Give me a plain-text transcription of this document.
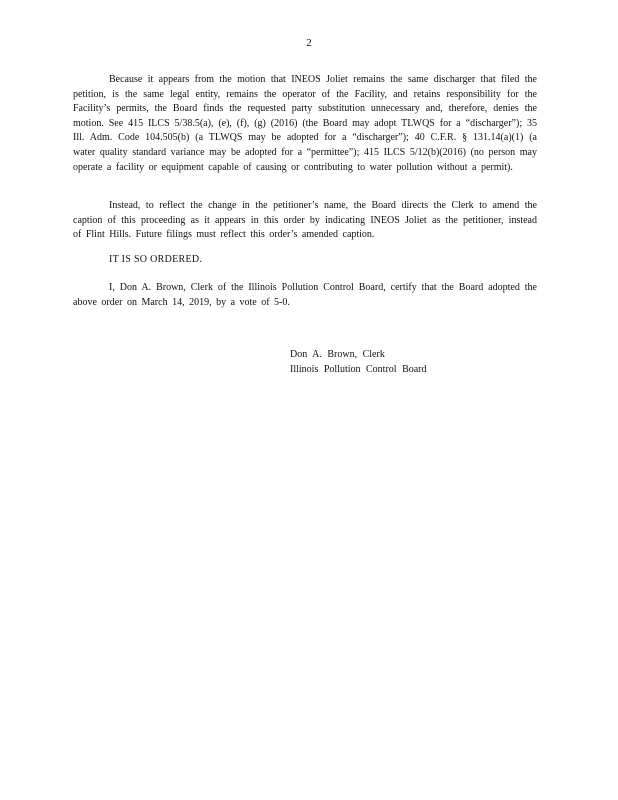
2
Because it appears from the motion that INEOS Joliet remains the same discharger that filed the petition, is the same legal entity, remains the operator of the Facility, and retains responsibility for the Facility’s permits, the Board finds the requested party substitution unnecessary and, therefore, denies the motion. See 415 ILCS 5/38.5(a), (e), (f), (g) (2016) (the Board may adopt TLWQS for a “discharger”); 35 Ill. Adm. Code 104.505(b) (a TLWQS may be adopted for a “discharger”); 40 C.F.R. § 131.14(a)(1) (a water quality standard variance may be adopted for a “permittee”); 415 ILCS 5/12(b)(2016) (no person may operate a facility or equipment capable of causing or contributing to water pollution without a permit).
Instead, to reflect the change in the petitioner’s name, the Board directs the Clerk to amend the caption of this proceeding as it appears in this order by indicating INEOS Joliet as the petitioner, instead of Flint Hills. Future filings must reflect this order’s amended caption.
IT IS SO ORDERED.
I, Don A. Brown, Clerk of the Illinois Pollution Control Board, certify that the Board adopted the above order on March 14, 2019, by a vote of 5-0.
Don A. Brown, Clerk
Illinois Pollution Control Board
